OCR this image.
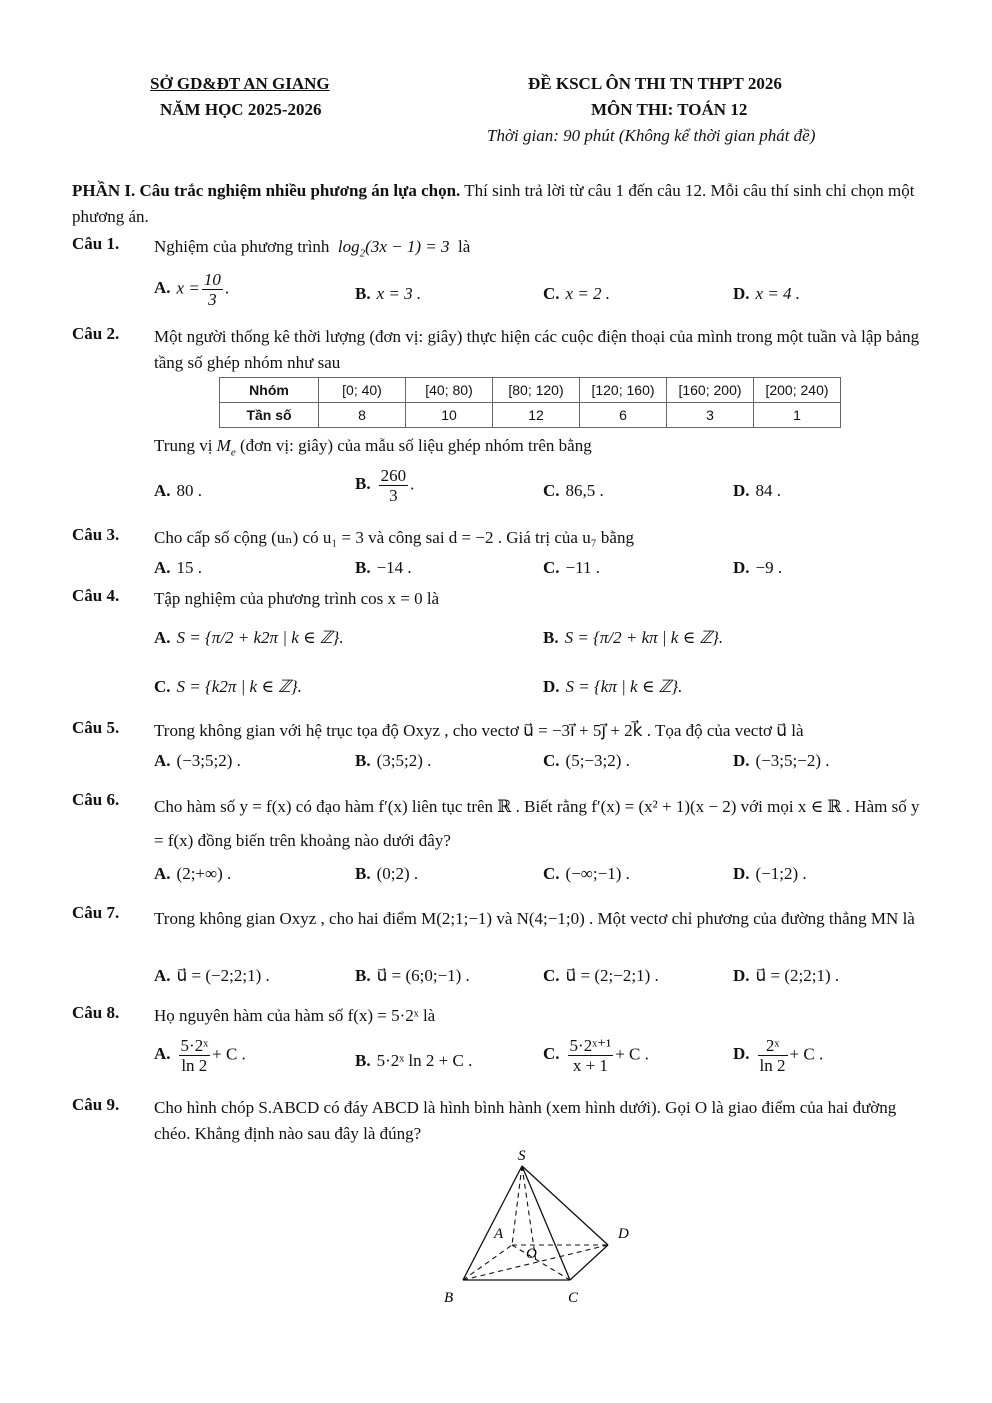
SỞ GD&ĐT AN GIANG
NĂM HỌC 2025-2026
ĐỀ KSCL ÔN THI TN THPT 2026
MÔN THI: TOÁN 12
Thời gian: 90 phút (Không kể thời gian phát đề)
PHẦN I. Câu trắc nghiệm nhiều phương án lựa chọn. Thí sinh trả lời từ câu 1 đến câu 12. Mỗi câu thí sinh chỉ chọn một phương án.
Câu 1. Nghiệm của phương trình  $\log_2(3x - 1) = 3$  là
A. $x = \frac{10}{3}$ .	B. x = 3 .	C. x = 2 .	D. x = 4 .
Câu 2. Một người thống kê thời lượng (đơn vị: giây) thực hiện các cuộc điện thoại của mình trong một tuần và lập bảng tầng số ghép nhóm như sau
Nhóm	[0; 40)	[40; 80)	[80; 120)	[120; 160)	[160; 200)	[200; 240)
Tần số	8	10	12	6	3	1
Trung vị $M_e$ (đơn vị: giây) của mẫu số liệu ghép nhóm trên bằng
A. 80 .	B. $\frac{260}{3}$ .	C. 86,5 .	D. 84 .
Câu 3. Cho cấp số cộng (uₙ) có u₁ = 3 và công sai d = −2 . Giá trị của u₇ bằng
A. 15 .	B. −14 .	C. −11 .	D. −9 .
Câu 4. Tập nghiệm của phương trình cos x = 0 là
A. S = {π/2 + k2π | k ∈ ℤ}.	B. S = {π/2 + kπ | k ∈ ℤ}.
C. S = {k2π | k ∈ ℤ}.	D. S = {kπ | k ∈ ℤ}.
Câu 5. Trong không gian với hệ trục tọa độ Oxyz , cho vectơ u⃗ = −3i⃗ + 5j⃗ + 2k⃗ . Tọa độ của vectơ u⃗ là
A. (−3;5;2) .	B. (3;5;2) .	C. (5;−3;2) .	D. (−3;5;−2) .
Câu 6. Cho hàm số y = f(x) có đạo hàm f′(x) liên tục trên ℝ . Biết rằng f′(x) = (x² + 1)(x − 2) với mọi x ∈ ℝ . Hàm số y = f(x) đồng biến trên khoảng nào dưới đây?
A. (2;+∞) .	B. (0;2) .	C. (−∞;−1) .	D. (−1;2) .
Câu 7. Trong không gian Oxyz , cho hai điểm M(2;1;−1) và N(4;−1;0) . Một vectơ chỉ phương của đường thẳng MN là
A. u⃗ = (−2;2;1) .	B. u⃗ = (6;0;−1) .	C. u⃗ = (2;−2;1) .	D. u⃗ = (2;2;1) .
Câu 8. Họ nguyên hàm của hàm số f(x) = 5·2ˣ là
A. $\frac{\text{5·2ˣ}}{\ln 2} + C$ .	B. 5·2ˣ ln 2 + C .	C. $\frac{\text{5·2ˣ⁺¹}}{x + 1} + C$ .	D. $\frac{\text{2ˣ}}{\ln 2} + C$ .
Câu 9. Cho hình chóp S.ABCD có đáy ABCD là hình bình hành (xem hình dưới). Gọi O là giao điểm của hai đường chéo. Khẳng định nào sau đây là đúng?
S
A
O
D
B	C
